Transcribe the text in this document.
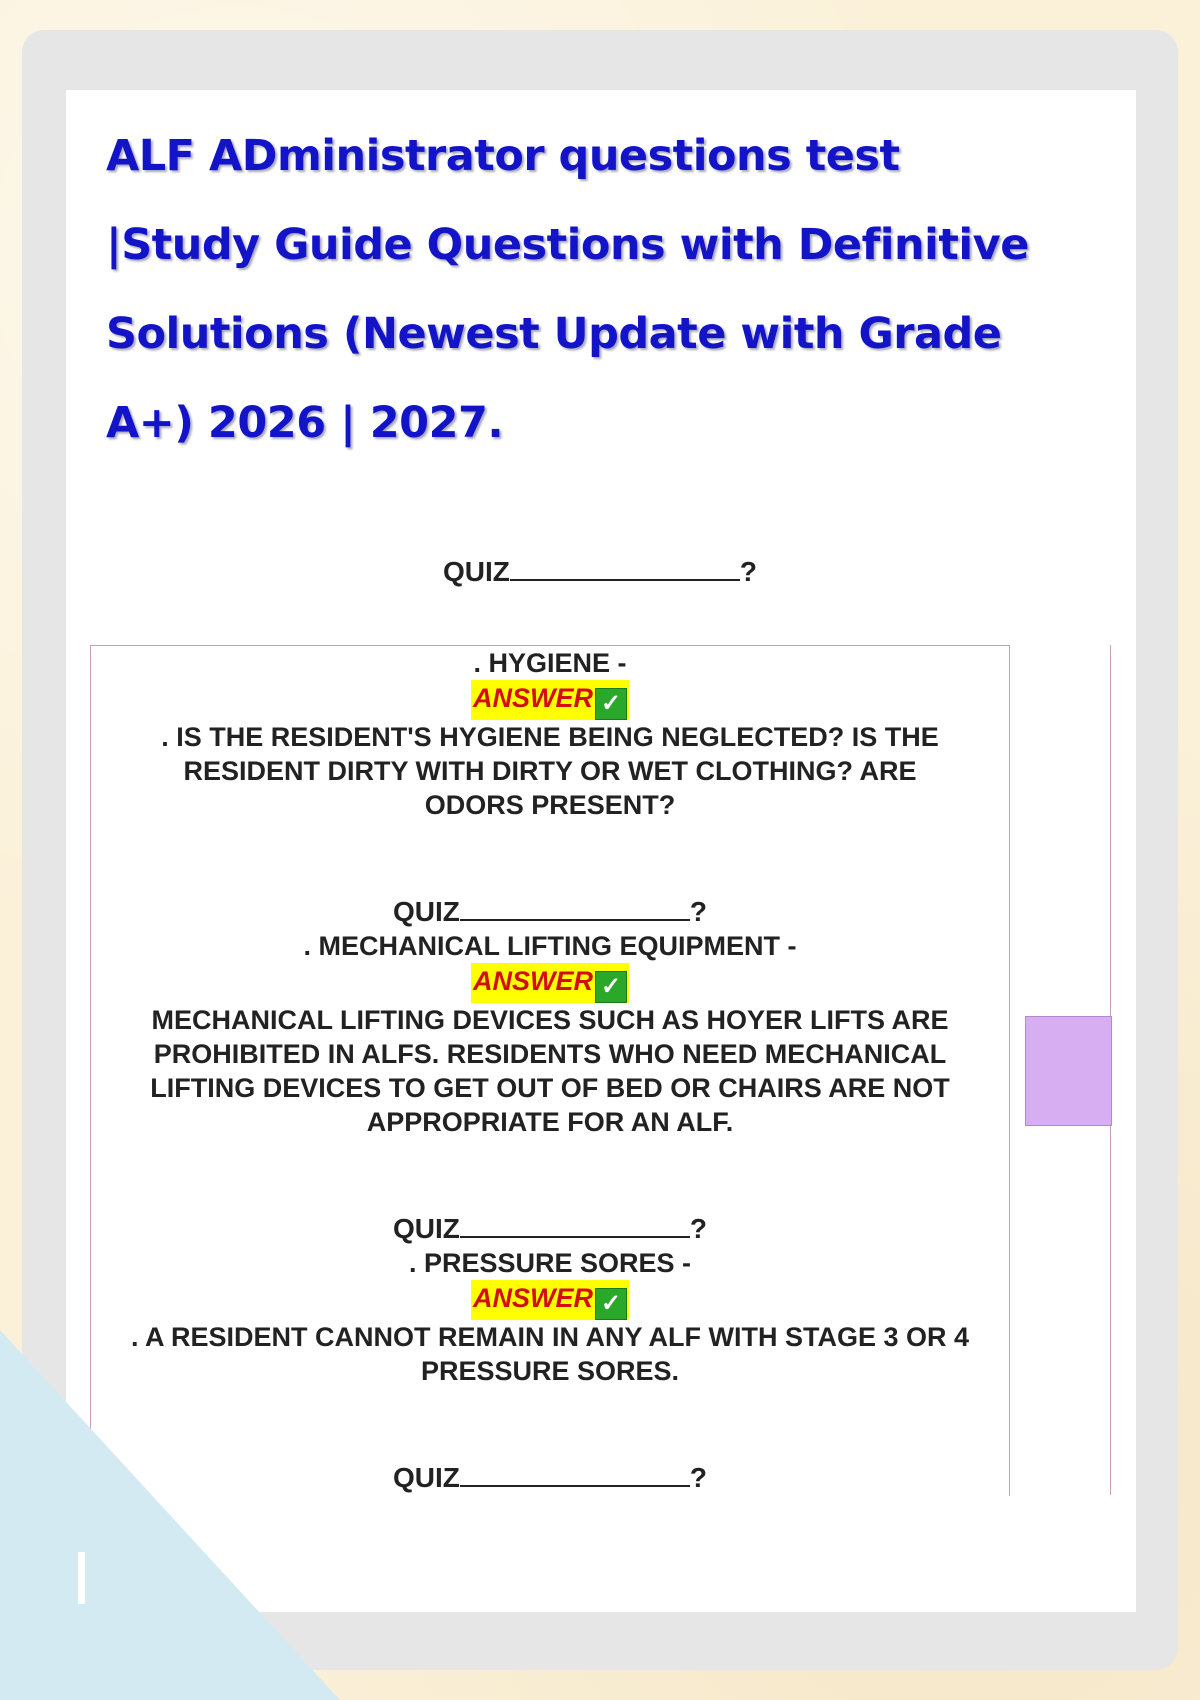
ALF ADministrator questions test |Study Guide Questions with Definitive Solutions (Newest Update with Grade A+) 2026 | 2027.
QUIZ	?

. HYGIENE -

ANSWER ✓

. IS THE RESIDENT'S HYGIENE BEING NEGLECTED? IS THE RESIDENT DIRTY WITH DIRTY OR WET CLOTHING? ARE ODORS PRESENT?

QUIZ	?

. MECHANICAL LIFTING EQUIPMENT -

ANSWER ✓

MECHANICAL LIFTING DEVICES SUCH AS HOYER LIFTS ARE PROHIBITED IN ALFS. RESIDENTS WHO NEED MECHANICAL LIFTING DEVICES TO GET OUT OF BED OR CHAIRS ARE NOT APPROPRIATE FOR AN ALF.

QUIZ	?

. PRESSURE SORES -

ANSWER ✓

. A RESIDENT CANNOT REMAIN IN ANY ALF WITH STAGE 3 OR 4 PRESSURE SORES.

QUIZ	?
